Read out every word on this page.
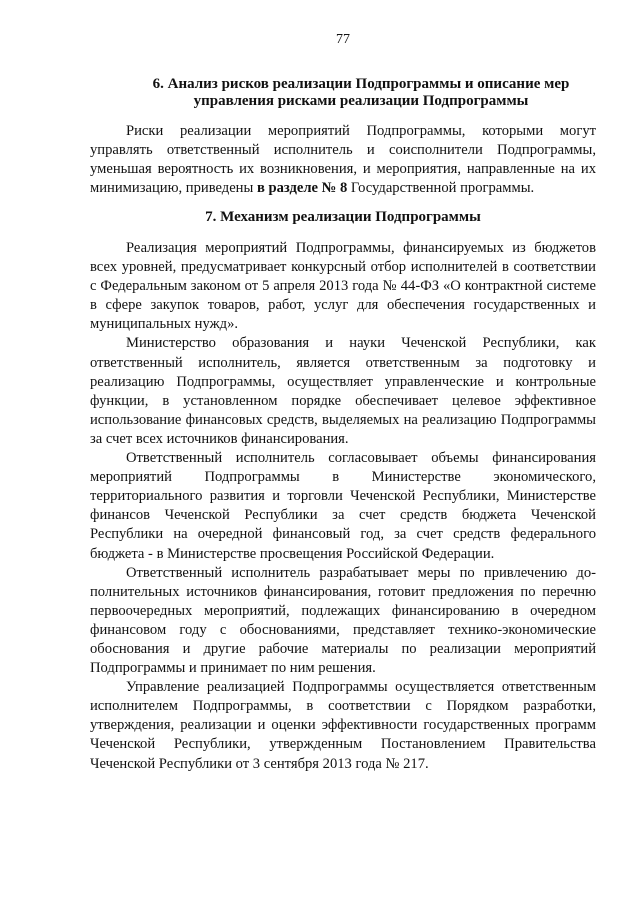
77
6. Анализ рисков реализации Подпрограммы и описание мер управления рисками реализации Подпрограммы

Риски реализации мероприятий Подпрограммы, которыми могут управлять ответственный исполнитель и соисполнители Подпрограммы, уменьшая вероятность их возникновения, и мероприятия, направленные на их минимизацию, приведены в разделе № 8 Государственной программы.

7. Механизм реализации Подпрограммы

Реализация мероприятий Подпрограммы, финансируемых из бюджетов всех уровней, предусматривает конкурсный отбор исполнителей в соответствии с Федеральным законом от 5 апреля 2013 года № 44-ФЗ «О контрактной системе в сфере закупок товаров, работ, услуг для обеспечения государственных и муниципальных нужд».

Министерство образования и науки Чеченской Республики, как ответственный исполнитель, является ответственным за подготовку и реализацию Подпрограммы, осуществляет управленческие и контрольные функции, в установленном порядке обеспечивает целевое эффективное использование финансовых средств, выделяемых на реализацию Подпрограммы за счет всех источников финансирования.

Ответственный исполнитель согласовывает объемы финансирования мероприятий Подпрограммы в Министерстве экономического, территориального развития и торговли Чеченской Республики, Министерстве финансов Чеченской Республики за счет средств бюджета Чеченской Республики на очередной финансовый год, за счет средств федерального бюджета - в Министерстве просвещения Российской Федерации.

Ответственный исполнитель разрабатывает меры по привлечению до-полнительных источников финансирования, готовит предложения по перечню первоочередных мероприятий, подлежащих финансированию в очередном финансовом году с обоснованиями, представляет технико-экономические обоснования и другие рабочие материалы по реализации мероприятий Подпрограммы и принимает по ним решения.

Управление реализацией Подпрограммы осуществляется ответственным исполнителем Подпрограммы, в соответствии с Порядком разработки, утверждения, реализации и оценки эффективности государственных программ Чеченской Республики, утвержденным Постановлением Правительства Чеченской Республики от 3 сентября 2013 года № 217.
